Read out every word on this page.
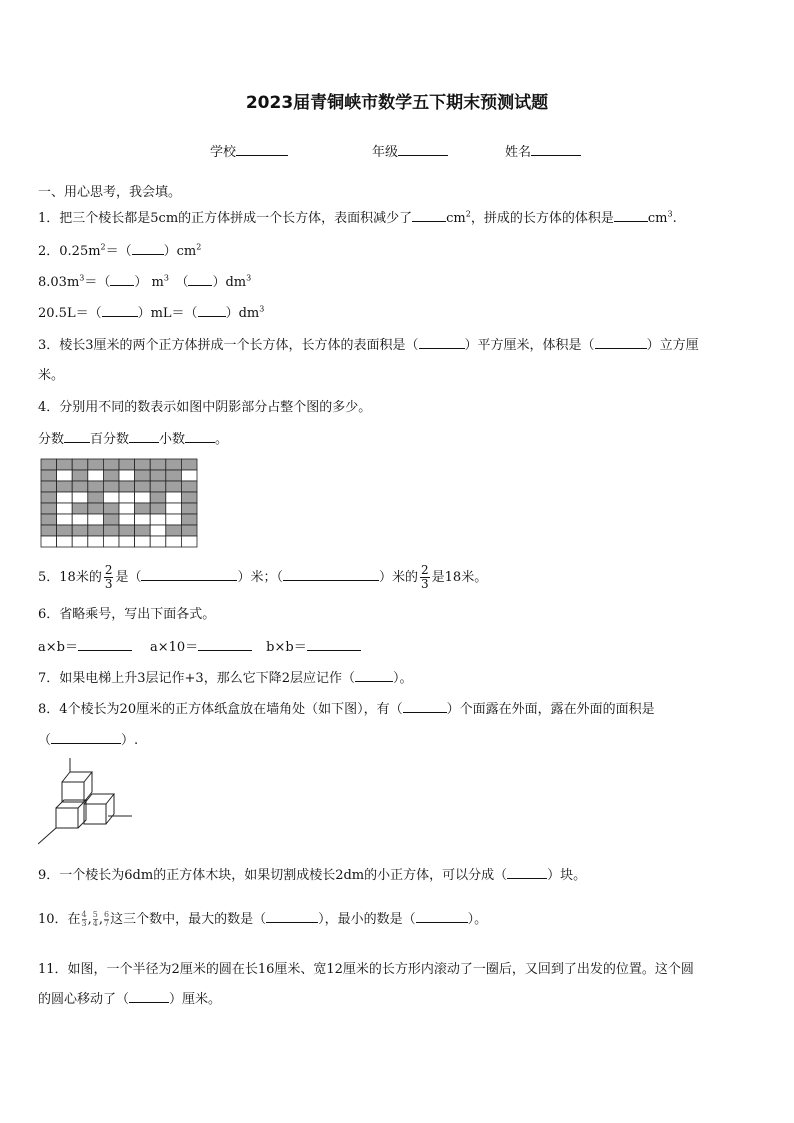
2023届青铜峡市数学五下期末预测试题
学校	年级	姓名
一、用心思考，我会填。
1．把三个棱长都是5cm的正方体拼成一个长方体，表面积减少了	$cm^2$，拼成的长方体的体积是	$cm^3$.
2．$0.25m^2=$（ ）$cm^2$
$8.03m^3=$（ ） $m^3$　 （ ）$dm^3$
20.5L＝（	）mL＝（ ）$dm^3$
3．棱长3厘米的两个正方体拼成一个长方体，长方体的表面积是（	）平方厘米，体积是（	）立方厘
米。
4．分别用不同的数表示如图中阴影部分占整个图的多少。
分数 百分数 小数 。
5．18米的 $\frac{2}{3}$ 是（	）米；（	）米的 $\frac{2}{3}$ 是18米。
6．省略乘号，写出下面各式。
a×b＝	a×10＝	b×b＝
7．如果电梯上升3层记作+3，那么它下降2层应记作（	）。
8．4个棱长为20厘米的正方体纸盒放在墙角处（如下图），有（	）个面露在外面，露在外面的面积是
（	）.
9．一个棱长为6dm的正方体木块，如果切割成棱长2dm的小正方体，可以分成（	）块。
10．在 $\frac{4}{3}$, $\frac{5}{4}$, $\frac{6}{7}$这三个数中，最大的数是（	），最小的数是（	）。
11．如图，一个半径为2厘米的圆在长16厘米、宽12厘米的长方形内滚动了一圈后，又回到了出发的位置。这个圆
的圆心移动了（	）厘米。
